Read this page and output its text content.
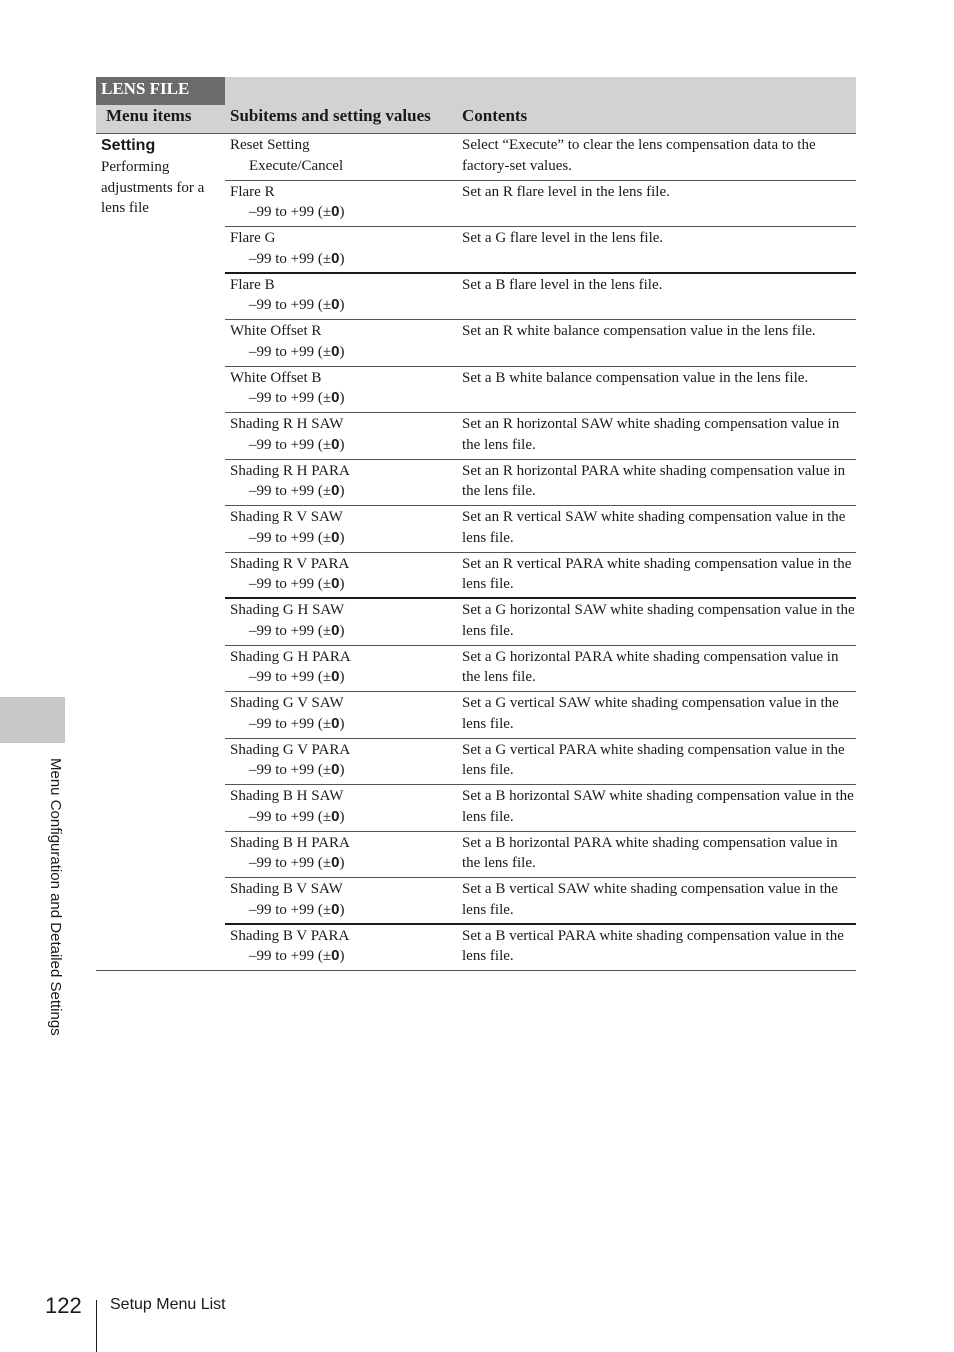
Menu Configuration and Detailed Settings
LENS FILE
Menu items Subitems and setting values Contents
Setting
Performing adjustments for a lens file
Reset Setting
Execute/Cancel
Select “Execute” to clear the lens compensation data to the factory-set values.
Flare R
–99 to +99 (±0)
Set an R flare level in the lens file.
Flare G
–99 to +99 (±0)
Set a G flare level in the lens file.
Flare B
–99 to +99 (±0)
Set a B flare level in the lens file.
White Offset R
–99 to +99 (±0)
Set an R white balance compensation value in the lens file.
White Offset B
–99 to +99 (±0)
Set a B white balance compensation value in the lens file.
Shading R H SAW
–99 to +99 (±0)
Set an R horizontal SAW white shading compensation value in the lens file.
Shading R H PARA
–99 to +99 (±0)
Set an R horizontal PARA white shading compensation value in the lens file.
Shading R V SAW
–99 to +99 (±0)
Set an R vertical SAW white shading compensation value in the lens file.
Shading R V PARA
–99 to +99 (±0)
Set an R vertical PARA white shading compensation value in the lens file.
Shading G H SAW
–99 to +99 (±0)
Set a G horizontal SAW white shading compensation value in the lens file.
Shading G H PARA
–99 to +99 (±0)
Set a G horizontal PARA white shading compensation value in the lens file.
Shading G V SAW
–99 to +99 (±0)
Set a G vertical SAW white shading compensation value in the lens file.
Shading G V PARA
–99 to +99 (±0)
Set a G vertical PARA white shading compensation value in the lens file.
Shading B H SAW
–99 to +99 (±0)
Set a B horizontal SAW white shading compensation value in the lens file.
Shading B H PARA
–99 to +99 (±0)
Set a B horizontal PARA white shading compensation value in the lens file.
Shading B V SAW
–99 to +99 (±0)
Set a B vertical SAW white shading compensation value in the lens file.
Shading B V PARA
–99 to +99 (±0)
Set a B vertical PARA white shading compensation value in the lens file.
122 Setup Menu List
